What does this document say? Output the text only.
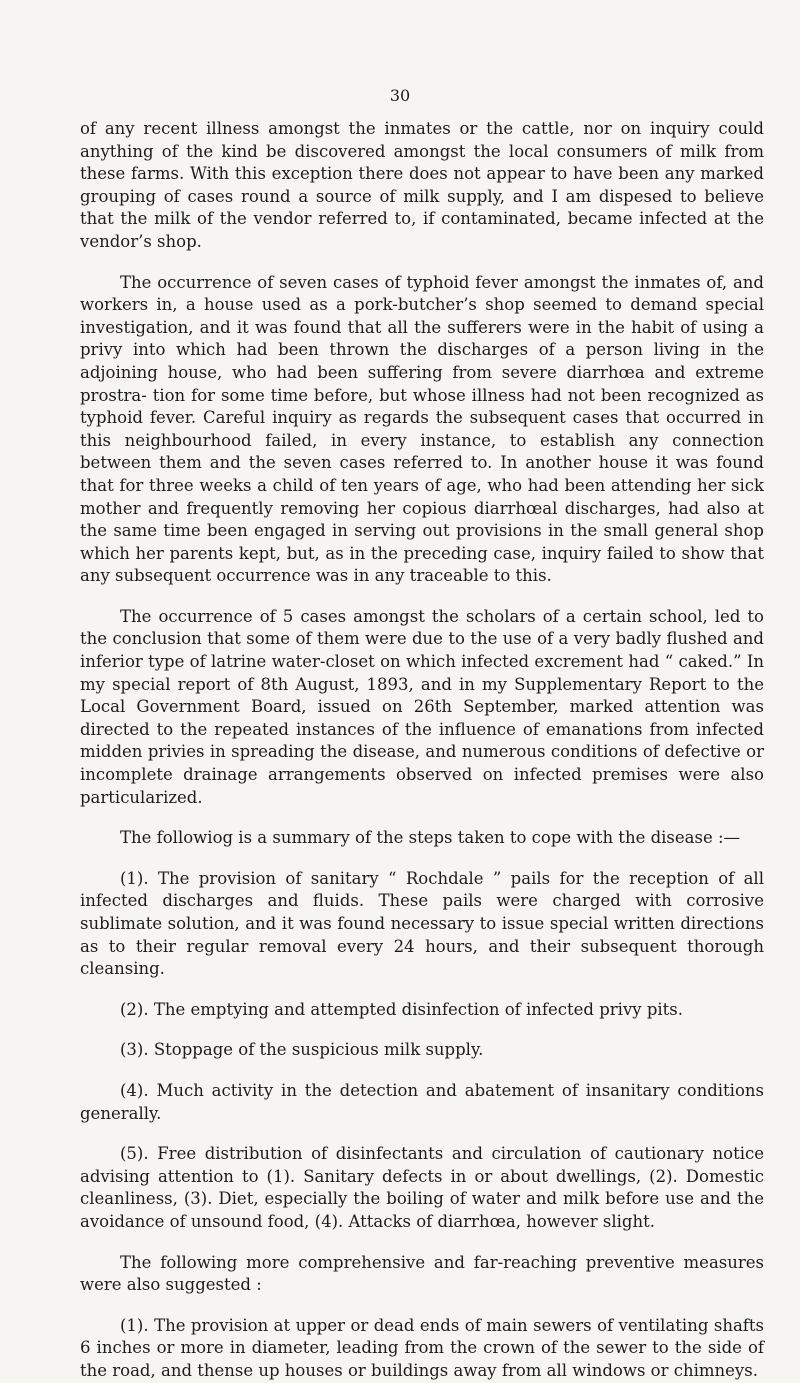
30

of any recent illness amongst the inmates or the cattle, nor on inquiry could anything of the kind be discovered amongst the local consumers of milk from these farms. With this exception there does not appear to have been any marked grouping of cases round a source of milk supply, and I am dispesed to believe that the milk of the vendor referred to, if contaminated, became infected at the vendor’s shop.

The occurrence of seven cases of typhoid fever amongst the inmates of, and workers in, a house used as a pork-butcher’s shop seemed to demand special investigation, and it was found that all the sufferers were in the habit of using a privy into which had been thrown the discharges of a person living in the adjoining house, who had been suffering from severe diarrhœa and extreme prostra- tion for some time before, but whose illness had not been recognized as typhoid fever. Careful inquiry as regards the subsequent cases that occurred in this neighbourhood failed, in every instance, to establish any connection between them and the seven cases referred to. In another house it was found that for three weeks a child of ten years of age, who had been attending her sick mother and frequently removing her copious diarrhœal discharges, had also at the same time been engaged in serving out provisions in the small general shop which her parents kept, but, as in the preceding case, inquiry failed to show that any subsequent occurrence was in any traceable to this.

The occurrence of 5 cases amongst the scholars of a certain school, led to the conclusion that some of them were due to the use of a very badly flushed and inferior type of latrine water-closet on which infected excrement had “ caked.” In my special report of 8th August, 1893, and in my Supplementary Report to the Local Government Board, issued on 26th September, marked attention was directed to the repeated instances of the influence of emanations from infected midden privies in spreading the disease, and numerous conditions of defective or incomplete drainage arrangements observed on infected premises were also particularized.

The followiog is a summary of the steps taken to cope with the disease :—

(1). The provision of sanitary “ Rochdale ” pails for the reception of all infected discharges and fluids. These pails were charged with corrosive sublimate solution, and it was found necessary to issue special written directions as to their regular removal every 24 hours, and their subsequent thorough cleansing.

(2). The emptying and attempted disinfection of infected privy pits.

(3). Stoppage of the suspicious milk supply.

(4). Much activity in the detection and abatement of insanitary conditions generally.

(5). Free distribution of disinfectants and circulation of cautionary notice advising attention to (1). Sanitary defects in or about dwellings, (2). Domestic cleanliness, (3). Diet, especially the boiling of water and milk before use and the avoidance of unsound food, (4). Attacks of diarrhœa, however slight.

The following more comprehensive and far-reaching preventive measures were also suggested :

(1). The provision at upper or dead ends of main sewers of ventilating shafts 6 inches or more in diameter, leading from the crown of the sewer to the side of the road, and thense up houses or buildings away from all windows or chimneys.
